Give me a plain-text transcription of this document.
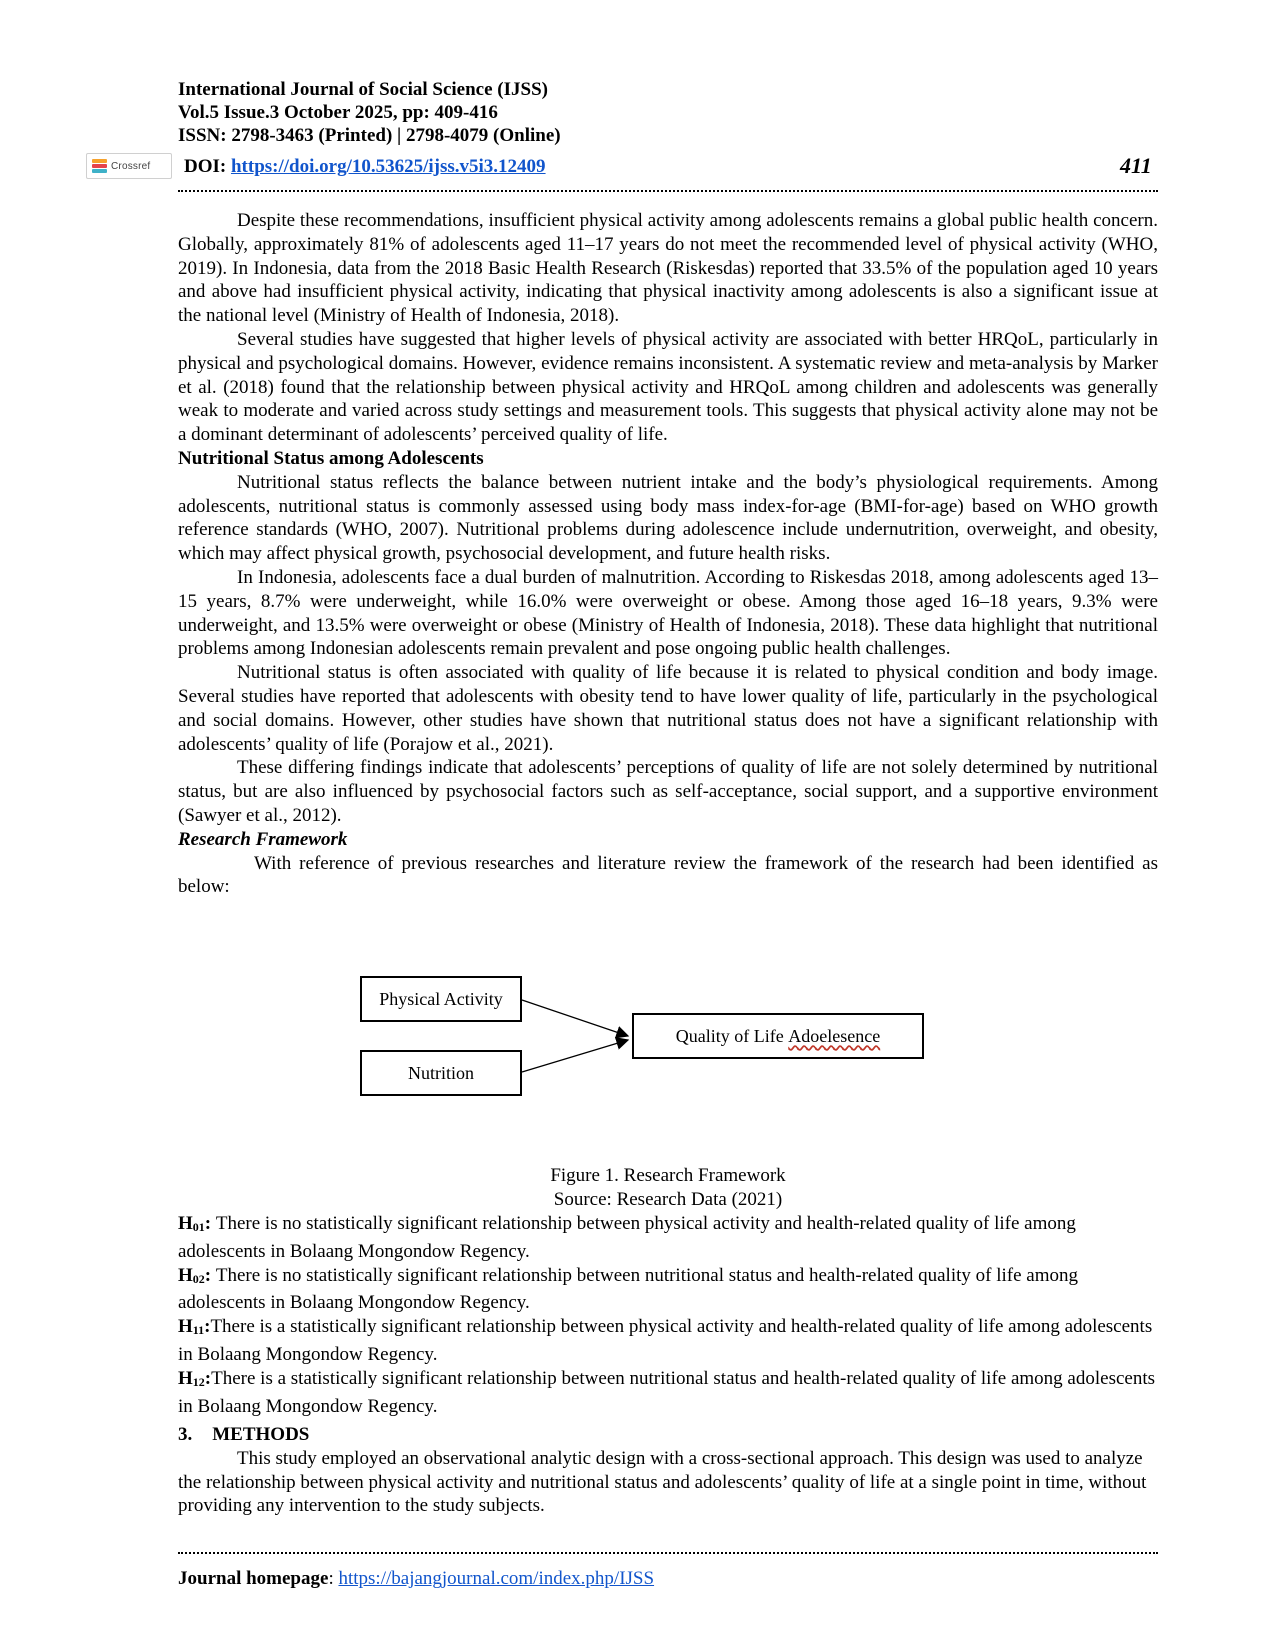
International Journal of Social Science (IJSS)
Vol.5 Issue.3 October 2025, pp: 409-416
ISSN: 2798-3463 (Printed) | 2798-4079 (Online)
Crossref DOI: https://doi.org/10.53625/ijss.v5i3.12409	411

Despite these recommendations, insufficient physical activity among adolescents remains a global public health concern. Globally, approximately 81% of adolescents aged 11–17 years do not meet the recommended level of physical activity (WHO, 2019). In Indonesia, data from the 2018 Basic Health Research (Riskesdas) reported that 33.5% of the population aged 10 years and above had insufficient physical activity, indicating that physical inactivity among adolescents is also a significant issue at the national level (Ministry of Health of Indonesia, 2018).

Several studies have suggested that higher levels of physical activity are associated with better HRQoL, particularly in physical and psychological domains. However, evidence remains inconsistent. A systematic review and meta-analysis by Marker et al. (2018) found that the relationship between physical activity and HRQoL among children and adolescents was generally weak to moderate and varied across study settings and measurement tools. This suggests that physical activity alone may not be a dominant determinant of adolescents’ perceived quality of life.

Nutritional Status among Adolescents

Nutritional status reflects the balance between nutrient intake and the body’s physiological requirements. Among adolescents, nutritional status is commonly assessed using body mass index-for-age (BMI-for-age) based on WHO growth reference standards (WHO, 2007). Nutritional problems during adolescence include undernutrition, overweight, and obesity, which may affect physical growth, psychosocial development, and future health risks.

In Indonesia, adolescents face a dual burden of malnutrition. According to Riskesdas 2018, among adolescents aged 13–15 years, 8.7% were underweight, while 16.0% were overweight or obese. Among those aged 16–18 years, 9.3% were underweight, and 13.5% were overweight or obese (Ministry of Health of Indonesia, 2018). These data highlight that nutritional problems among Indonesian adolescents remain prevalent and pose ongoing public health challenges.

Nutritional status is often associated with quality of life because it is related to physical condition and body image. Several studies have reported that adolescents with obesity tend to have lower quality of life, particularly in the psychological and social domains. However, other studies have shown that nutritional status does not have a significant relationship with adolescents’ quality of life (Porajow et al., 2021).

These differing findings indicate that adolescents’ perceptions of quality of life are not solely determined by nutritional status, but are also influenced by psychosocial factors such as self-acceptance, social support, and a supportive environment (Sawyer et al., 2012).

Research Framework

With reference of previous researches and literature review the framework of the research had been identified as below:

Physical Activity
Nutrition
Quality of Life
Adoelesence
Figure 1. Research Framework
Source: Research Data (2021)
$H_{01}$: There is no statistically significant relationship between physical activity and health-related quality of life among adolescents in Bolaang Mongondow Regency.
$H_{02}$: There is no statistically significant relationship between nutritional status and health-related quality of life among adolescents in Bolaang Mongondow Regency.
$H_{11}:There$ is a statistically significant relationship between physical activity and health-related quality of life among adolescents in Bolaang Mongondow Regency.
$H_{12}:There$ is a statistically significant relationship between nutritional status and health-related quality of life among adolescents in Bolaang Mongondow Regency.
3. METHODS

This study employed an observational analytic design with a cross-sectional approach. This design was used to analyze the relationship between physical activity and nutritional status and adolescents’ quality of life at a single point in time, without providing any intervention to the study subjects.

Journal homepage: https://bajangjournal.com/index.php/IJSS
